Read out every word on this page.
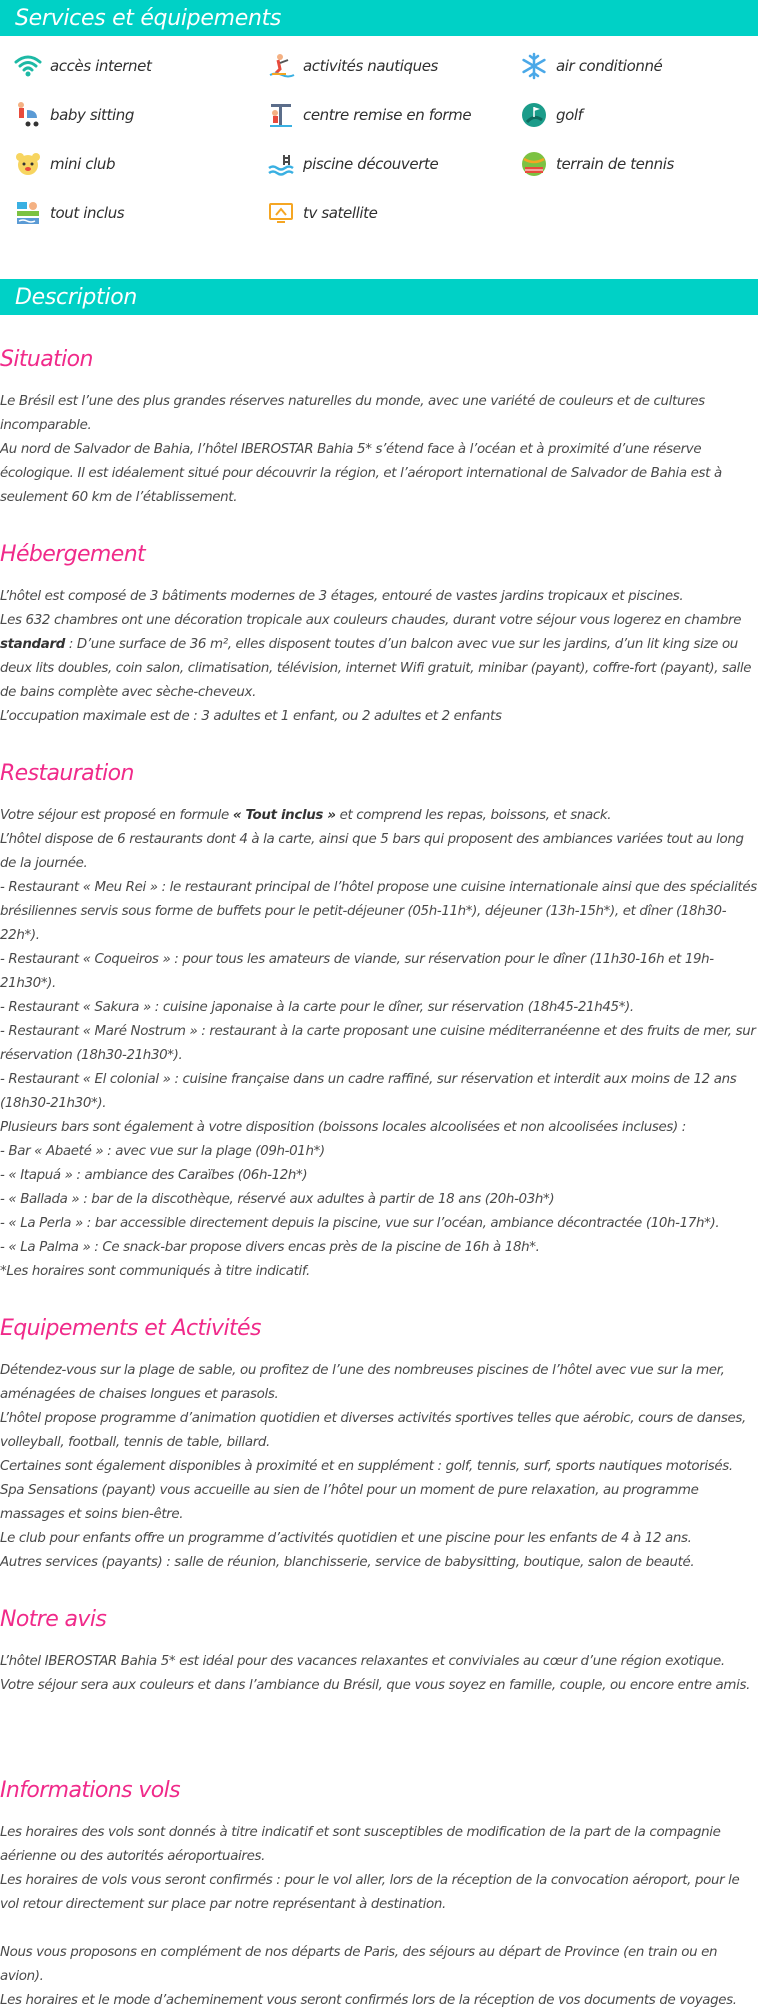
Services et équipements
accès internet	activités nautiques	air conditionné
baby sitting	centre remise en forme	golf
mini club	piscine découverte	terrain de tennis
tout inclus	tv satellite
Description
Situation

Le Brésil est l’une des plus grandes réserves naturelles du monde, avec une variété de couleurs et de cultures incomparable.

Au nord de Salvador de Bahia, l’hôtel IBEROSTAR Bahia 5* s’étend face à l’océan et à proximité d’une réserve écologique. Il est idéalement situé pour découvrir la région, et l’aéroport international de Salvador de Bahia est à seulement 60 km de l’établissement.

Hébergement

L’hôtel est composé de 3 bâtiments modernes de 3 étages, entouré de vastes jardins tropicaux et piscines.

Les 632 chambres ont une décoration tropicale aux couleurs chaudes, durant votre séjour vous logerez en chambre standard : D’une surface de 36 m², elles disposent toutes d’un balcon avec vue sur les jardins, d’un lit king size ou deux lits doubles, coin salon, climatisation, télévision, internet Wifi gratuit, minibar (payant), coffre-fort (payant), salle de bains complète avec sèche-cheveux.

L’occupation maximale est de : 3 adultes et 1 enfant, ou 2 adultes et 2 enfants

Restauration

Votre séjour est proposé en formule « Tout inclus » et comprend les repas, boissons, et snack.

L’hôtel dispose de 6 restaurants dont 4 à la carte, ainsi que 5 bars qui proposent des ambiances variées tout au long de la journée.

- Restaurant « Meu Rei » : le restaurant principal de l’hôtel propose une cuisine internationale ainsi que des spécialités brésiliennes servis sous forme de buffets pour le petit-déjeuner (05h-11h*), déjeuner (13h-15h*), et dîner (18h30-22h*).

- Restaurant « Coqueiros » : pour tous les amateurs de viande, sur réservation pour le dîner (11h30-16h et 19h-21h30*).

- Restaurant « Sakura » : cuisine japonaise à la carte pour le dîner, sur réservation (18h45-21h45*).

- Restaurant « Maré Nostrum » : restaurant à la carte proposant une cuisine méditerranéenne et des fruits de mer, sur réservation (18h30-21h30*).

- Restaurant « El colonial » : cuisine française dans un cadre raffiné, sur réservation et interdit aux moins de 12 ans (18h30-21h30*).

Plusieurs bars sont également à votre disposition (boissons locales alcoolisées et non alcoolisées incluses) :

- Bar « Abaeté » : avec vue sur la plage (09h-01h*)

- « Itapuá » : ambiance des Caraïbes (06h-12h*)

- « Ballada » : bar de la discothèque, réservé aux adultes à partir de 18 ans (20h-03h*)

- « La Perla » : bar accessible directement depuis la piscine, vue sur l’océan, ambiance décontractée (10h-17h*).

- « La Palma » : Ce snack-bar propose divers encas près de la piscine de 16h à 18h*.

*Les horaires sont communiqués à titre indicatif.

Equipements et Activités

Détendez-vous sur la plage de sable, ou profitez de l’une des nombreuses piscines de l’hôtel avec vue sur la mer, aménagées de chaises longues et parasols.

L’hôtel propose programme d’animation quotidien et diverses activités sportives telles que aérobic, cours de danses, volleyball, football, tennis de table, billard.

Certaines sont également disponibles à proximité et en supplément : golf, tennis, surf, sports nautiques motorisés.

Spa Sensations (payant) vous accueille au sien de l’hôtel pour un moment de pure relaxation, au programme massages et soins bien-être.

Le club pour enfants offre un programme d’activités quotidien et une piscine pour les enfants de 4 à 12 ans.

Autres services (payants) : salle de réunion, blanchisserie, service de babysitting, boutique, salon de beauté.

Notre avis

L’hôtel IBEROSTAR Bahia 5* est idéal pour des vacances relaxantes et conviviales au cœur d’une région exotique.

Votre séjour sera aux couleurs et dans l’ambiance du Brésil, que vous soyez en famille, couple, ou encore entre amis.

Informations vols

Les horaires des vols sont donnés à titre indicatif et sont susceptibles de modification de la part de la compagnie aérienne ou des autorités aéroportuaires.

Les horaires de vols vous seront confirmés : pour le vol aller, lors de la réception de la convocation aéroport, pour le vol retour directement sur place par notre représentant à destination.

Nous vous proposons en complément de nos départs de Paris, des séjours au départ de Province (en train ou en avion).

Les horaires et le mode d’acheminement vous seront confirmés lors de la réception de vos documents de voyages.
